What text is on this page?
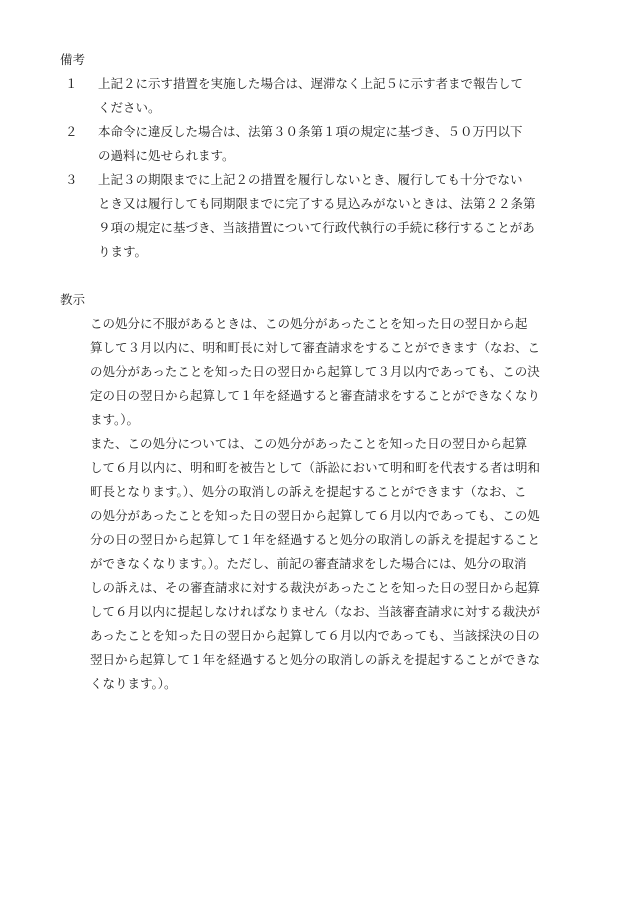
備考
１	上記２に示す措置を実施した場合は、遅滞なく上記５に示す者まで報告して
ください。
２	本命令に違反した場合は、法第３０条第１項の規定に基づき、５０万円以下
の過料に処せられます。
３	上記３の期限までに上記２の措置を履行しないとき、履行しても十分でない
とき又は履行しても同期限までに完了する見込みがないときは、法第２２条第
９項の規定に基づき、当該措置について行政代執行の手続に移行することがあ
ります。
教示
この処分に不服があるときは、この処分があったことを知った日の翌日から起
算して３月以内に、明和町長に対して審査請求をすることができます（なお、こ
の処分があったことを知った日の翌日から起算して３月以内であっても、この決
定の日の翌日から起算して１年を経過すると審査請求をすることができなくなり
ます。）。
また、この処分については、この処分があったことを知った日の翌日から起算
して６月以内に、明和町を被告として（訴訟において明和町を代表する者は明和
町長となります。）、処分の取消しの訴えを提起することができます（なお、こ
の処分があったことを知った日の翌日から起算して６月以内であっても、この処
分の日の翌日から起算して１年を経過すると処分の取消しの訴えを提起すること
ができなくなります。）。ただし、前記の審査請求をした場合には、処分の取消
しの訴えは、その審査請求に対する裁決があったことを知った日の翌日から起算
して６月以内に提起しなければなりません（なお、当該審査請求に対する裁決が
あったことを知った日の翌日から起算して６月以内であっても、当該採決の日の
翌日から起算して１年を経過すると処分の取消しの訴えを提起することができな
くなります。）。
